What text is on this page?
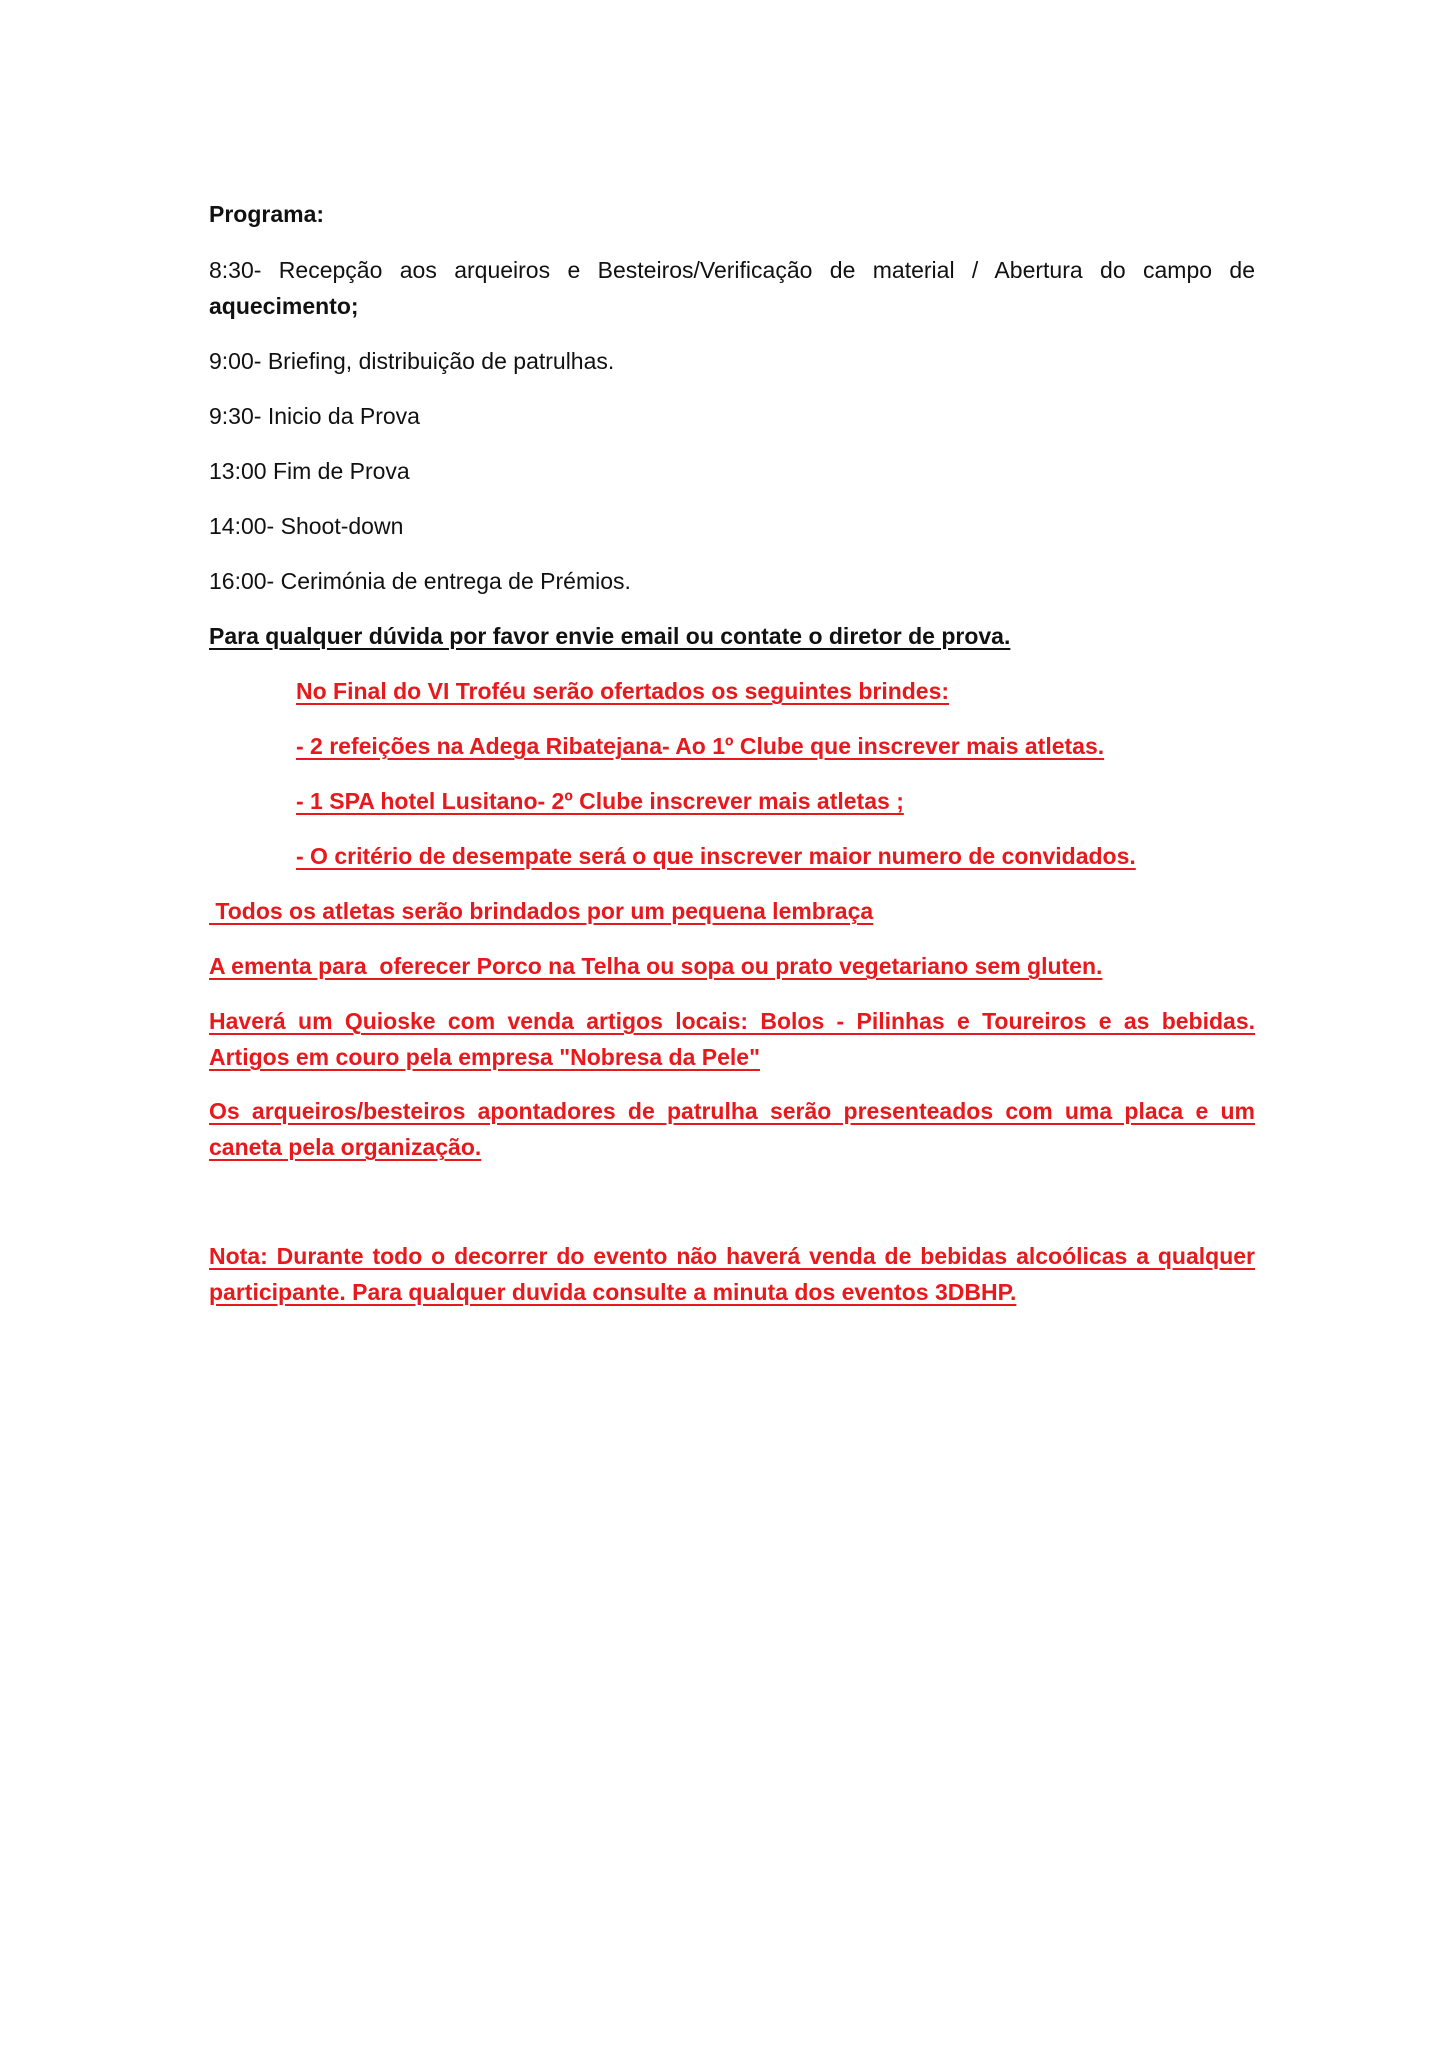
Programa:
8:30- Recepção aos arqueiros e Besteiros/Verificação de material / Abertura do campo de aquecimento;
9:00- Briefing, distribuição de patrulhas.
9:30- Inicio da Prova
13:00 Fim de Prova
14:00- Shoot-down
16:00- Cerimónia de entrega de Prémios.
Para qualquer dúvida por favor envie email ou contate o diretor de prova.
No Final do VI Troféu serão ofertados os seguintes brindes:
- 2 refeições na Adega Ribatejana- Ao 1º Clube que inscrever mais atletas.
- 1 SPA hotel Lusitano- 2º Clube inscrever mais atletas ;
- O critério de desempate será o que inscrever maior numero de convidados.
Todos os atletas serão brindados por um pequena lembraça
A ementa para  oferecer Porco na Telha ou sopa ou prato vegetariano sem gluten.
Haverá um Quioske com venda artigos locais: Bolos - Pilinhas e Toureiros e as bebidas. Artigos em couro pela empresa "Nobresa da Pele"
Os arqueiros/besteiros apontadores de patrulha serão presenteados com uma placa e um caneta pela organização.
Nota: Durante todo o decorrer do evento não haverá venda de bebidas alcoólicas a qualquer participante. Para qualquer duvida consulte a minuta dos eventos 3DBHP.
